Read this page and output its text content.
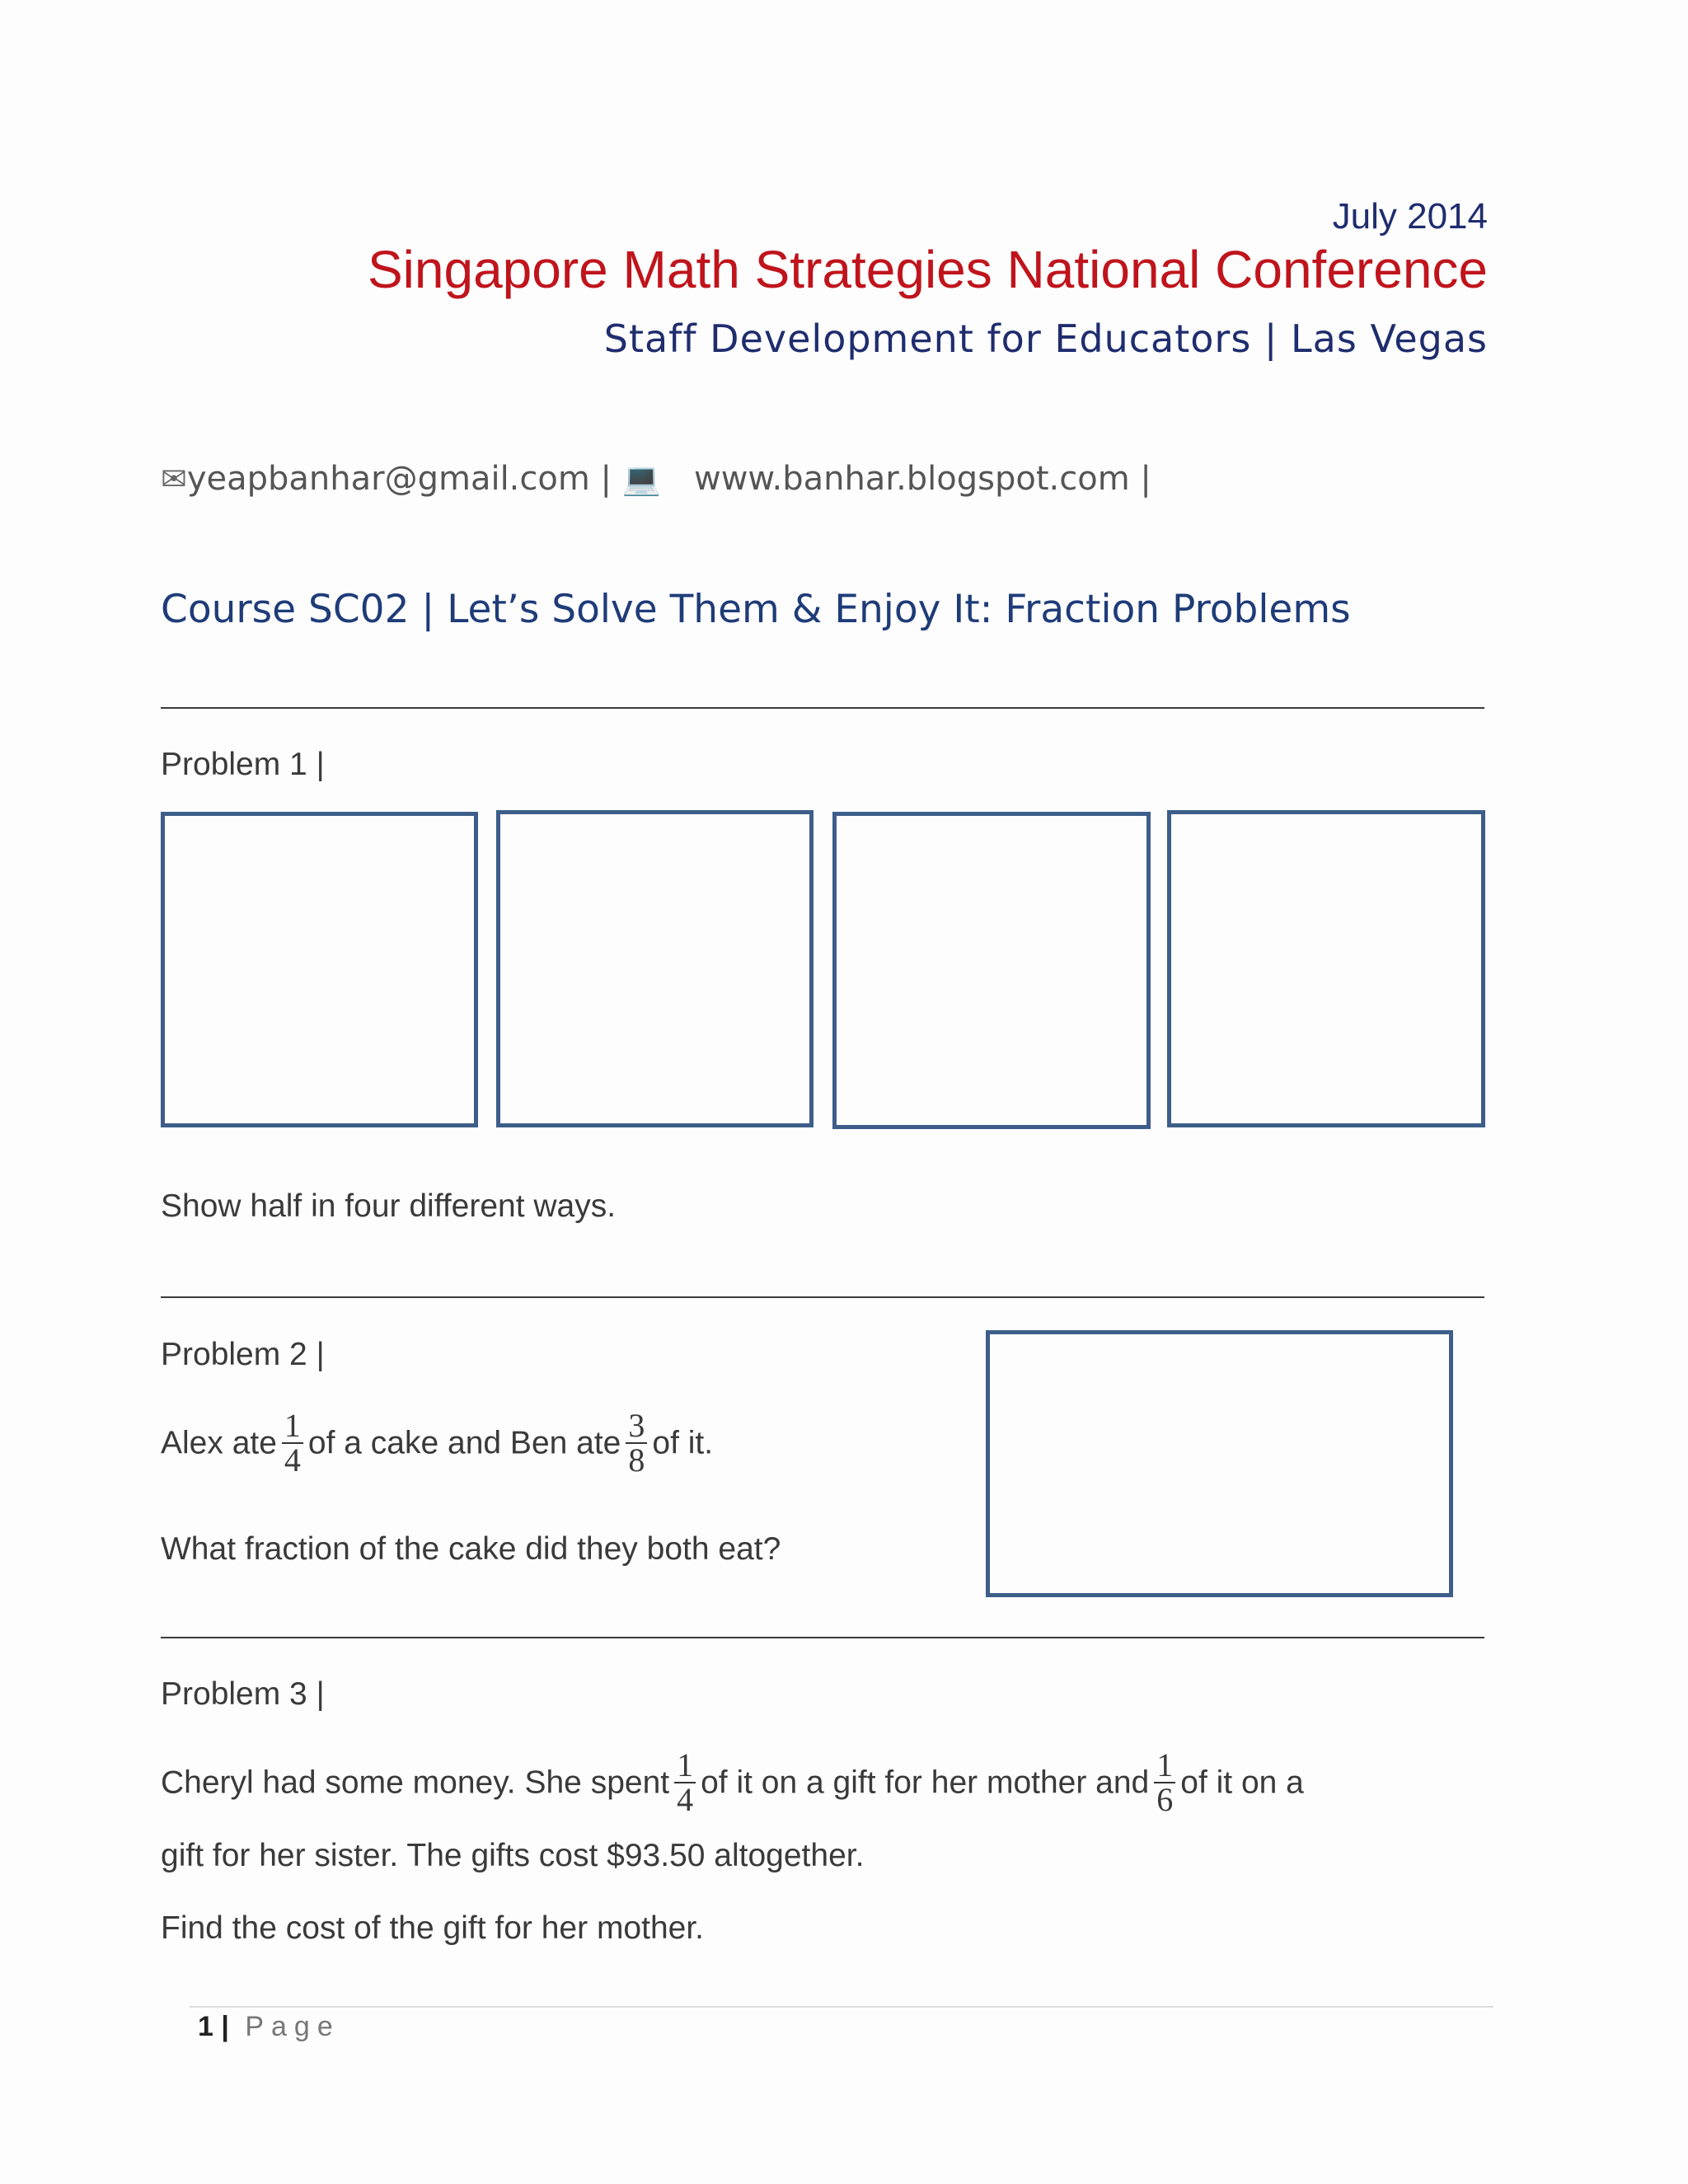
July 2014
Singapore Math Strategies National Conference
Staff Development for Educators | Las Vegas
✉yeapbanhar@gmail.com | 💻 www.banhar.blogspot.com |
Course SC02 | Let’s Solve Them & Enjoy It: Fraction Problems
Problem 1 |
Show half in four different ways.
Problem 2 |
Alex ate $\frac{1}{4}$ of a cake and Ben ate $\frac{3}{8}$ of it.
What fraction of the cake did they both eat?
Problem 3 |
Cheryl had some money. She spent $\frac{1}{4}$ of it on a gift for her mother and $\frac{1}{6}$ of it on a
gift for her sister. The gifts cost $93.50 altogether.
Find the cost of the gift for her mother.
1 | Page
